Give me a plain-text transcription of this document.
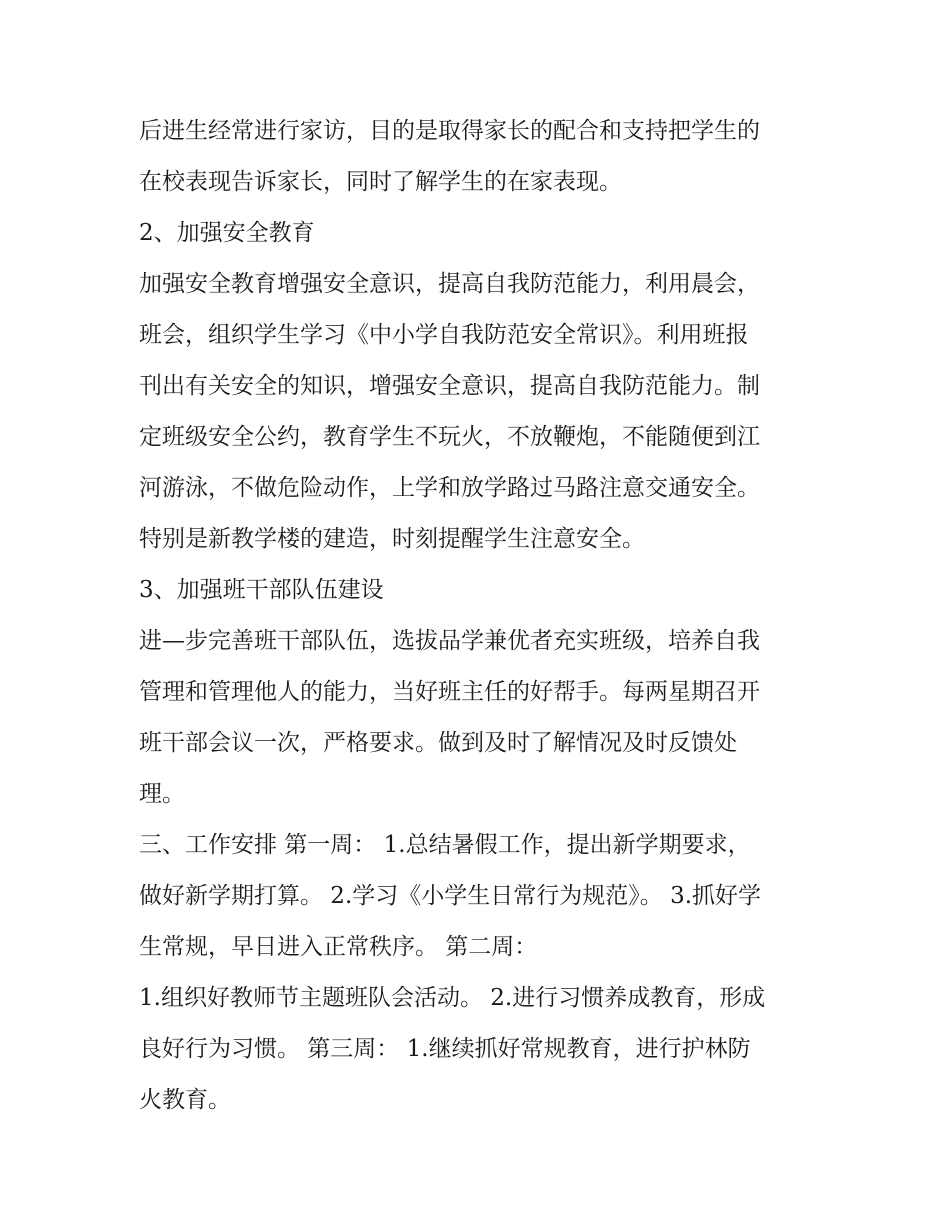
后进生经常进行家访，目的是取得家长的配合和支持把学生的
在校表现告诉家长，同时了解学生的在家表现。
2、加强安全教育
加强安全教育增强安全意识，提高自我防范能力，利用晨会，
班会，组织学生学习《中小学自我防范安全常识》。利用班报
刊出有关安全的知识，增强安全意识，提高自我防范能力。制
定班级安全公约，教育学生不玩火，不放鞭炮，不能随便到江
河游泳，不做危险动作，上学和放学路过马路注意交通安全。
特别是新教学楼的建造，时刻提醒学生注意安全。
3、加强班干部队伍建设
进—步完善班干部队伍，选拔品学兼优者充实班级，培养自我
管理和管理他人的能力，当好班主任的好帮手。每两星期召开
班干部会议一次，严格要求。做到及时了解情况及时反馈处
理。
三、工作安排 第一周： 1.总结暑假工作，提出新学期要求，
做好新学期打算。 2.学习《小学生日常行为规范》。 3.抓好学
生常规，早日进入正常秩序。 第二周：
1.组织好教师节主题班队会活动。 2.进行习惯养成教育，形成
良好行为习惯。 第三周： 1.继续抓好常规教育，进行护林防
火教育。
